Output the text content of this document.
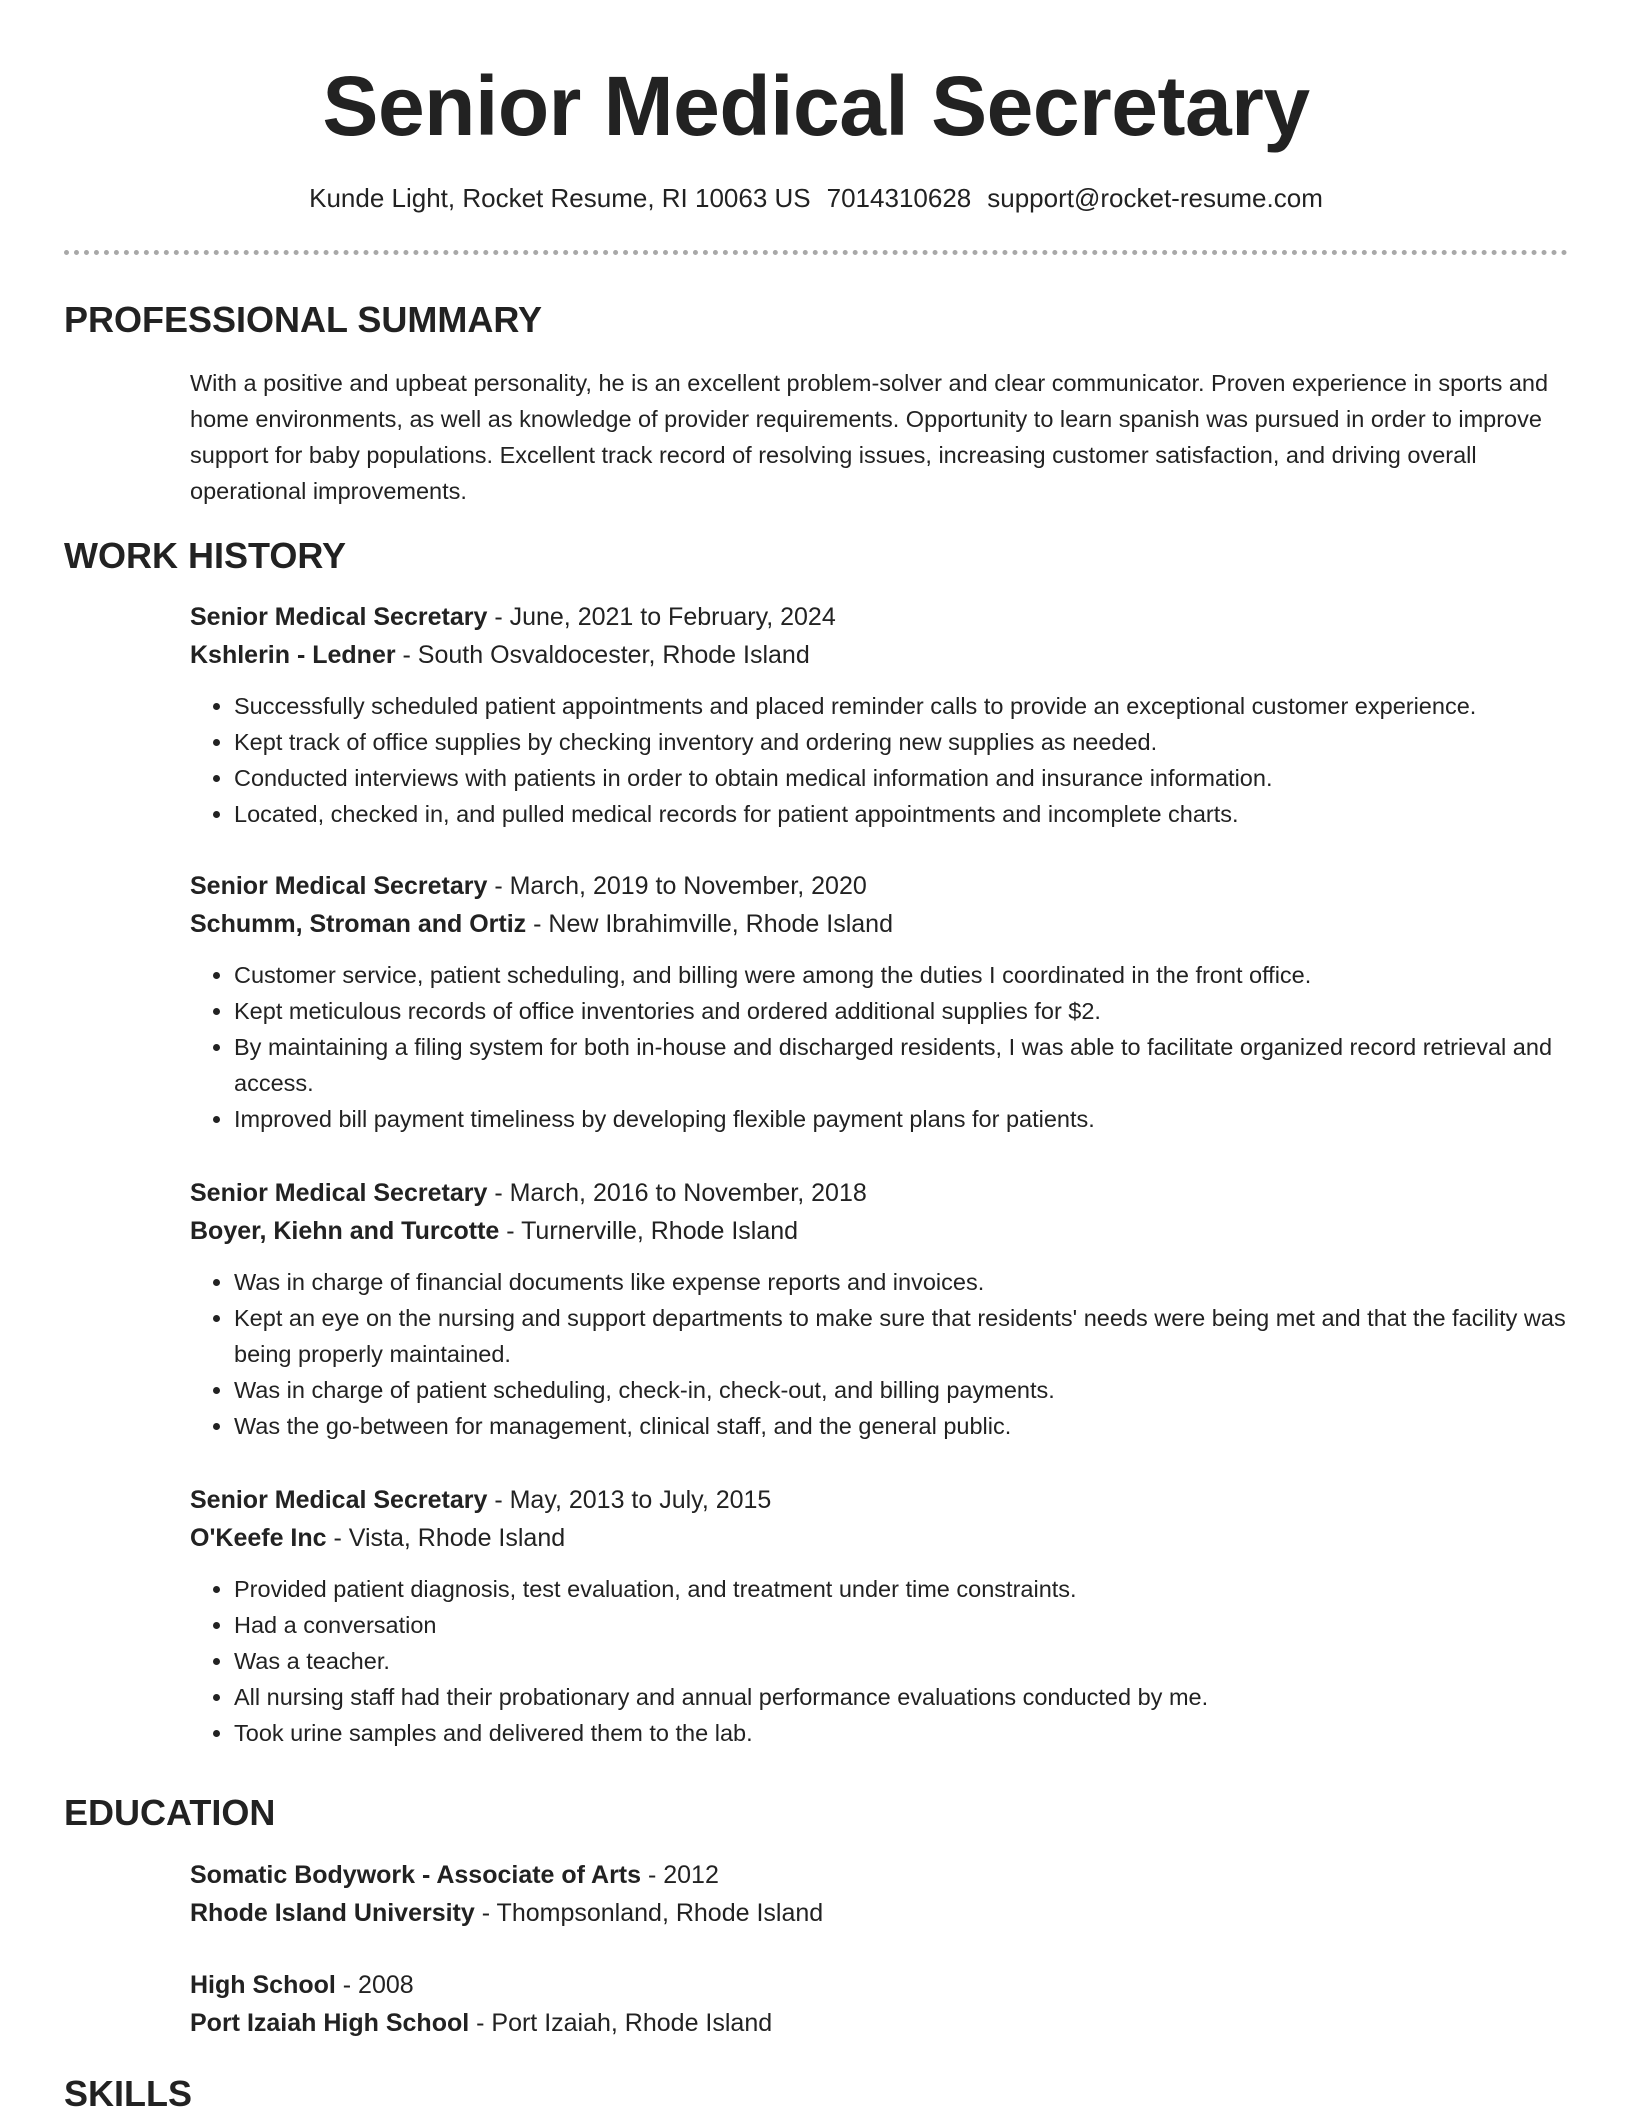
Senior Medical Secretary
Kunde Light, Rocket Resume, RI 10063 US 7014310628 support@rocket-resume.com
PROFESSIONAL SUMMARY
With a positive and upbeat personality, he is an excellent problem-solver and clear communicator. Proven experience in sports and home environments, as well as knowledge of provider requirements. Opportunity to learn spanish was pursued in order to improve support for baby populations. Excellent track record of resolving issues, increasing customer satisfaction, and driving overall operational improvements.
WORK HISTORY
Senior Medical Secretary - June, 2021 to February, 2024
Kshlerin - Ledner - South Osvaldocester, Rhode Island
• Successfully scheduled patient appointments and placed reminder calls to provide an exceptional customer experience.
• Kept track of office supplies by checking inventory and ordering new supplies as needed.
• Conducted interviews with patients in order to obtain medical information and insurance information.
• Located, checked in, and pulled medical records for patient appointments and incomplete charts.
Senior Medical Secretary - March, 2019 to November, 2020
Schumm, Stroman and Ortiz - New Ibrahimville, Rhode Island
• Customer service, patient scheduling, and billing were among the duties I coordinated in the front office.
• Kept meticulous records of office inventories and ordered additional supplies for $2.
• By maintaining a filing system for both in-house and discharged residents, I was able to facilitate organized record retrieval and access.
• Improved bill payment timeliness by developing flexible payment plans for patients.
Senior Medical Secretary - March, 2016 to November, 2018
Boyer, Kiehn and Turcotte - Turnerville, Rhode Island
• Was in charge of financial documents like expense reports and invoices.
• Kept an eye on the nursing and support departments to make sure that residents' needs were being met and that the facility was being properly maintained.
• Was in charge of patient scheduling, check-in, check-out, and billing payments.
• Was the go-between for management, clinical staff, and the general public.
Senior Medical Secretary - May, 2013 to July, 2015
O'Keefe Inc - Vista, Rhode Island
• Provided patient diagnosis, test evaluation, and treatment under time constraints.
• Had a conversation
• Was a teacher.
• All nursing staff had their probationary and annual performance evaluations conducted by me.
• Took urine samples and delivered them to the lab.
EDUCATION
Somatic Bodywork - Associate of Arts - 2012
Rhode Island University - Thompsonland, Rhode Island
High School - 2008
Port Izaiah High School - Port Izaiah, Rhode Island
SKILLS
